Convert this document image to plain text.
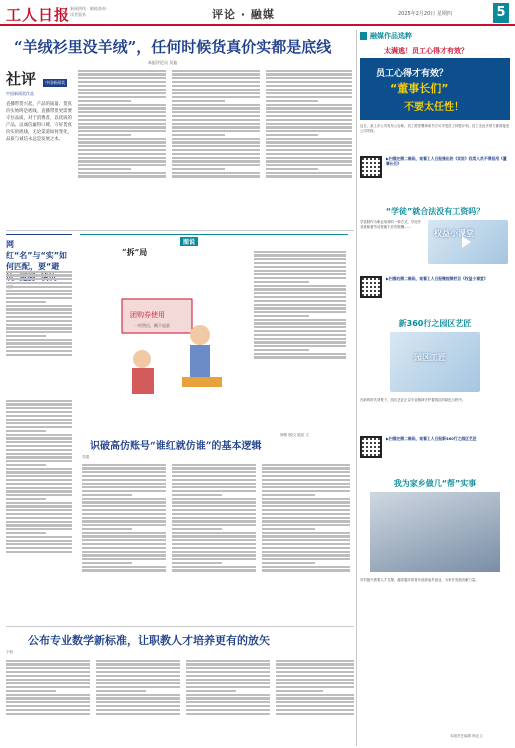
工人日报 新闻热线 · 邮箱查询 · 读者服务	评论 · 融媒	2025年2月20日 星期四	5
“羊绒衫里没羊绒”，任何时候货真价实都是底线
本报评论员 吴迪
社评 中国新闻奖
中国新闻奖作品
直播带货兴起，产品的质量、货真价实始终是底线，直播带货更需要守住品质，对于消费者，以优质的产品、以诚信赢得口碑，守好货真价实的底线，无论渠道如何变化，品质与诚信永远是发展之本。
网红“名”与“实”如何匹配，要“避
图说
“拆”局
团购券使用
一经售出，概不退款
徐骏 图/文 陆佳 文
识破高仿账号“谁红就仿谁”的基本逻辑
苏娟
公布专业数学新标准，让职教人才培养更有的放矢
于帆
融媒作品选粹
太满逃！员工心得才有效？
员工心得才有效？
“董事长们”
不要太任性！
近日，某上市公司发布公告称，员工需签署承诺书方可享受员工持股计划。员工无论多努力都需接受公司安排。
▶扫描左侧二维码，观看工人日报推出的《实说》四类人员不得招用《董事长们》
“学徒”就合法没有工资吗？
学徒制作为职业培养的一种方式，学徒并非意味着劳动者就不应有报酬……
权益小课堂
▶扫描右侧二维码，观看工人日报微视频栏目《权益小课堂》
新360行之园区艺匠
园区工匠
在新的时代背景下，园区艺匠正以专业精神守护着园区的绿色与秩序。
▶扫描左侧二维码，观看工人日报新360行之园区艺匠
我为家乡做几“帮”实事
乡村振兴需要人才支撑，越来越多的青年选择返乡创业，为家乡发展贡献力量。
本版责任编辑 韩业文
